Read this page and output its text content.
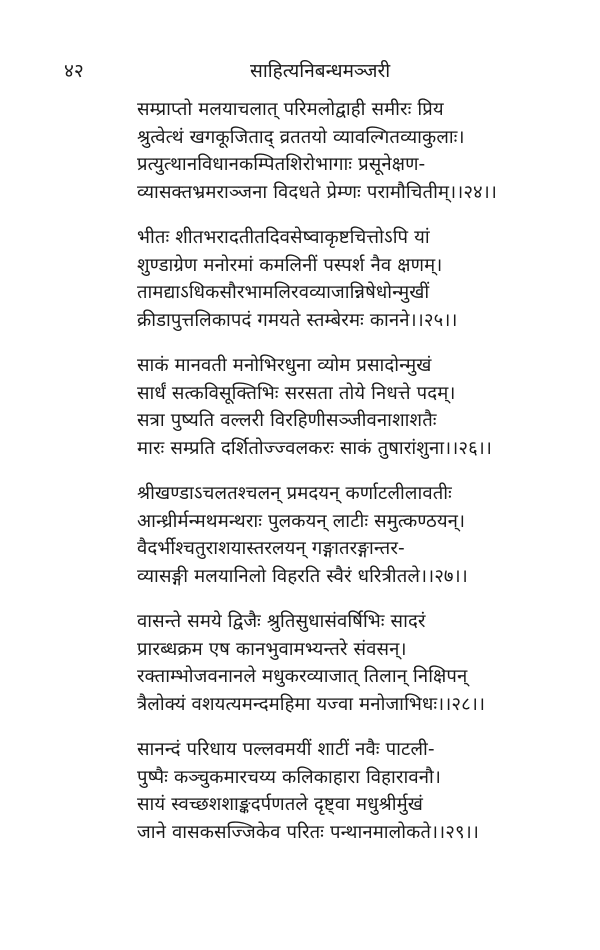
४२	साहित्यनिबन्धमञ्जरी
सम्प्राप्तो मलयाचलात् परिमलोद्वाही समीरः प्रिय
श्रुत्वेत्थं खगकूजिताद् व्रततयो व्यावल्गितव्याकुलाः।
प्रत्युत्थानविधानकम्पितशिरोभागाः प्रसूनेक्षण-
व्यासक्तभ्रमराञ्जना विदधते प्रेम्णः परामौचितीम्।।२४।।
भीतः शीतभरादतीतदिवसेष्वाकृष्टचित्तोऽपि यां
शुण्डाग्रेण मनोरमां कमलिनीं पस्पर्श नैव क्षणम्।
तामद्याऽधिकसौरभामलिरवव्याजान्निषेधोन्मुखीं
क्रीडापुत्तलिकापदं गमयते स्तम्बेरमः कानने।।२५।।
साकं मानवती मनोभिरधुना व्योम प्रसादोन्मुखं
सार्धं सत्कविसूक्तिभिः सरसता तोये निधत्ते पदम्।
सत्रा पुष्यति वल्लरी विरहिणीसञ्जीवनाशाशतैः
मारः सम्प्रति दर्शितोज्ज्वलकरः साकं तुषारांशुना।।२६।।
श्रीखण्डाऽचलतश्चलन् प्रमदयन् कर्णाटलीलावतीः
आन्ध्रीर्मन्मथमन्थराः पुलकयन् लाटीः समुत्कण्ठयन्।
वैदर्भीश्चतुराशयास्तरलयन् गङ्गातरङ्गान्तर-
व्यासङ्गी मलयानिलो विहरति स्वैरं धरित्रीतले।।२७।।
वासन्ते समये द्विजैः श्रुतिसुधासंवर्षिभिः सादरं
प्रारब्धक्रम एष कानभुवामभ्यन्तरे संवसन्।
रक्ताम्भोजवनानले मधुकरव्याजात् तिलान् निक्षिपन्
त्रैलोक्यं वशयत्यमन्दमहिमा यज्वा मनोजाभिधः।।२८।।
सानन्दं परिधाय पल्लवमयीं शाटीं नवैः पाटली-
पुष्पैः कञ्चुकमारचय्य कलिकाहारा विहारावनौ।
सायं स्वच्छशशाङ्कदर्पणतले दृष्ट्वा मधुश्रीर्मुखं
जाने वासकसज्जिकेव परितः पन्थानमालोकते।।२९।।
